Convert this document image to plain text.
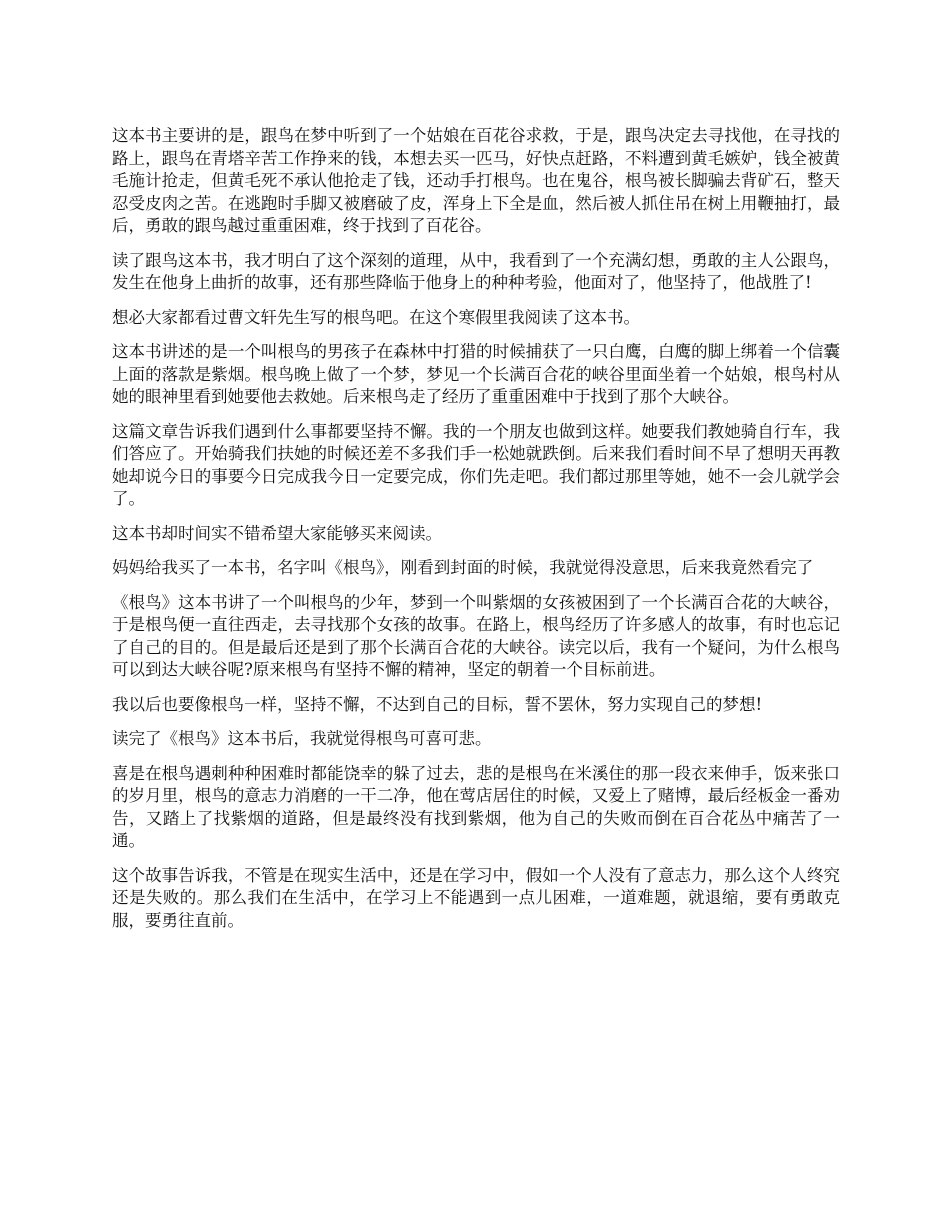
这本书主要讲的是，跟鸟在梦中听到了一个姑娘在百花谷求救，于是，跟鸟决定去寻找他，在寻找的路上，跟鸟在青塔辛苦工作挣来的钱，本想去买一匹马，好快点赶路，不料遭到黄毛嫉妒，钱全被黄毛施计抢走，但黄毛死不承认他抢走了钱，还动手打根鸟。也在鬼谷，根鸟被长脚骗去背矿石，整天忍受皮肉之苦。在逃跑时手脚又被磨破了皮，浑身上下全是血，然后被人抓住吊在树上用鞭抽打，最后，勇敢的跟鸟越过重重困难，终于找到了百花谷。

读了跟鸟这本书，我才明白了这个深刻的道理，从中，我看到了一个充满幻想，勇敢的主人公跟鸟，发生在他身上曲折的故事，还有那些降临于他身上的种种考验，他面对了，他坚持了，他战胜了!

想必大家都看过曹文轩先生写的根鸟吧。在这个寒假里我阅读了这本书。

这本书讲述的是一个叫根鸟的男孩子在森林中打猎的时候捕获了一只白鹰，白鹰的脚上绑着一个信囊上面的落款是紫烟。根鸟晚上做了一个梦，梦见一个长满百合花的峡谷里面坐着一个姑娘，根鸟村从她的眼神里看到她要他去救她。后来根鸟走了经历了重重困难中于找到了那个大峡谷。

这篇文章告诉我们遇到什么事都要坚持不懈。我的一个朋友也做到这样。她要我们教她骑自行车，我们答应了。开始骑我们扶她的时候还差不多我们手一松她就跌倒。后来我们看时间不早了想明天再教她却说今日的事要今日完成我今日一定要完成，你们先走吧。我们都过那里等她，她不一会儿就学会了。

这本书却时间实不错希望大家能够买来阅读。

妈妈给我买了一本书，名字叫《根鸟》，刚看到封面的时候，我就觉得没意思，后来我竟然看完了

《根鸟》这本书讲了一个叫根鸟的少年，梦到一个叫紫烟的女孩被困到了一个长满百合花的大峡谷，于是根鸟便一直往西走，去寻找那个女孩的故事。在路上，根鸟经历了许多感人的故事，有时也忘记了自己的目的。但是最后还是到了那个长满百合花的大峡谷。读完以后，我有一个疑问，为什么根鸟可以到达大峡谷呢?原来根鸟有坚持不懈的精神，坚定的朝着一个目标前进。

我以后也要像根鸟一样，坚持不懈，不达到自己的目标，誓不罢休，努力实现自己的梦想!

读完了《根鸟》这本书后，我就觉得根鸟可喜可悲。

喜是在根鸟遇刺种种困难时都能饶幸的躲了过去，悲的是根鸟在米溪住的那一段衣来伸手，饭来张口的岁月里，根鸟的意志力消磨的一干二净，他在莺店居住的时候，又爱上了赌博，最后经板金一番劝告，又踏上了找紫烟的道路，但是最终没有找到紫烟，他为自己的失败而倒在百合花丛中痛苦了一通。

这个故事告诉我，不管是在现实生活中，还是在学习中，假如一个人没有了意志力，那么这个人终究还是失败的。那么我们在生活中，在学习上不能遇到一点儿困难，一道难题，就退缩，要有勇敢克服，要勇往直前。
